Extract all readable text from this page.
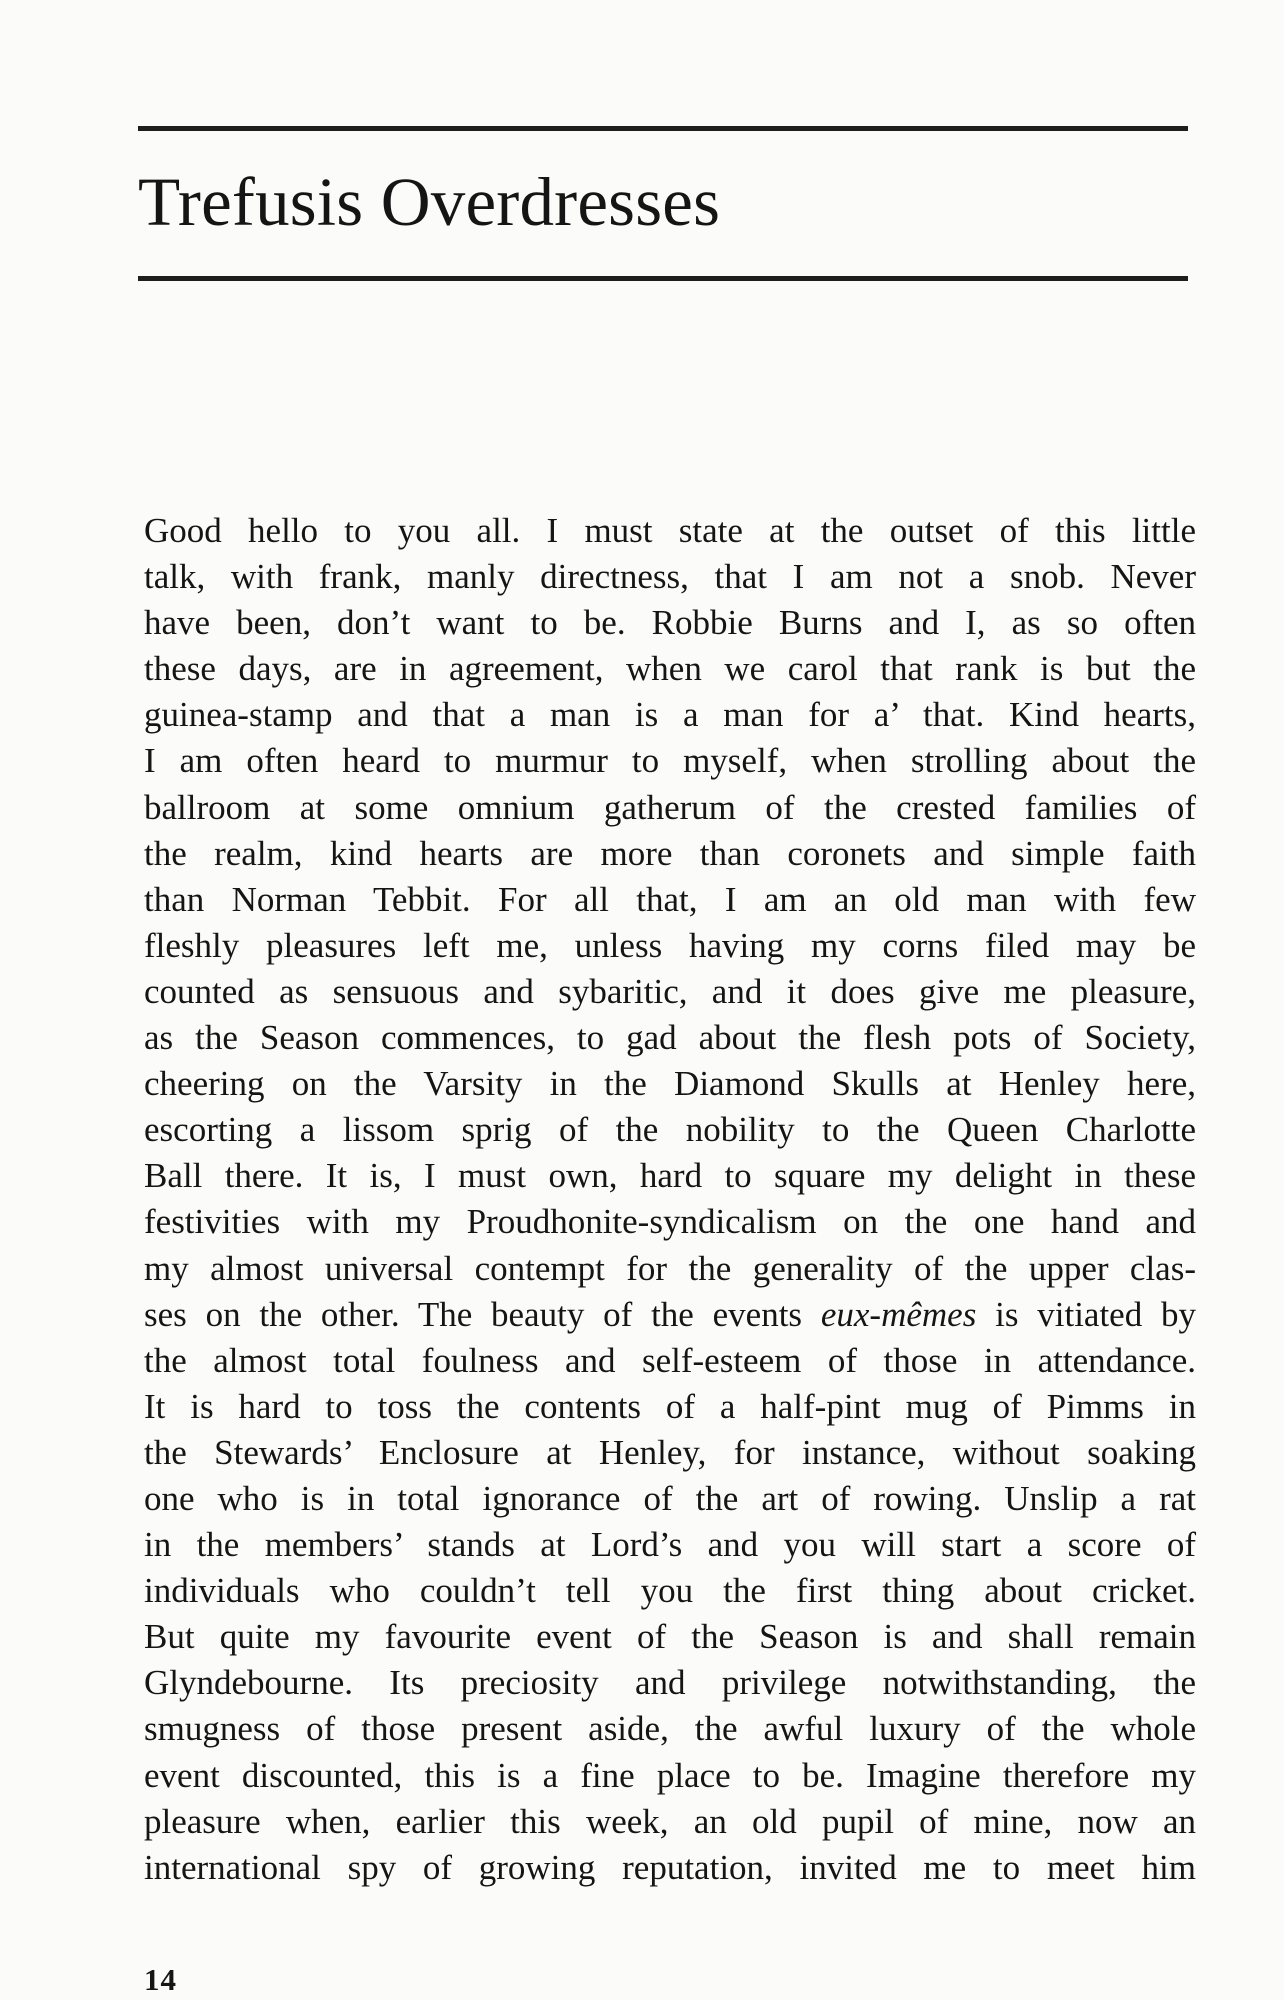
Trefusis Overdresses
Good hello to you all. I must state at the outset of this little
talk, with frank, manly directness, that I am not a snob. Never
have been, don’t want to be. Robbie Burns and I, as so often
these days, are in agreement, when we carol that rank is but the
guinea-stamp and that a man is a man for a’ that. Kind hearts,
I am often heard to murmur to myself, when strolling about the
ballroom at some omnium gatherum of the crested families of
the realm, kind hearts are more than coronets and simple faith
than Norman Tebbit. For all that, I am an old man with few
fleshly pleasures left me, unless having my corns filed may be
counted as sensuous and sybaritic, and it does give me pleasure,
as the Season commences, to gad about the flesh pots of Society,
cheering on the Varsity in the Diamond Skulls at Henley here,
escorting a lissom sprig of the nobility to the Queen Charlotte
Ball there. It is, I must own, hard to square my delight in these
festivities with my Proudhonite-syndicalism on the one hand and
my almost universal contempt for the generality of the upper clas-
ses on the other. The beauty of the events eux-mêmes is vitiated by
the almost total foulness and self-esteem of those in attendance.
It is hard to toss the contents of a half-pint mug of Pimms in
the Stewards’ Enclosure at Henley, for instance, without soaking
one who is in total ignorance of the art of rowing. Unslip a rat
in the members’ stands at Lord’s and you will start a score of
individuals who couldn’t tell you the first thing about cricket.
But quite my favourite event of the Season is and shall remain
Glyndebourne. Its preciosity and privilege notwithstanding, the
smugness of those present aside, the awful luxury of the whole
event discounted, this is a fine place to be. Imagine therefore my
pleasure when, earlier this week, an old pupil of mine, now an
international spy of growing reputation, invited me to meet him
14
